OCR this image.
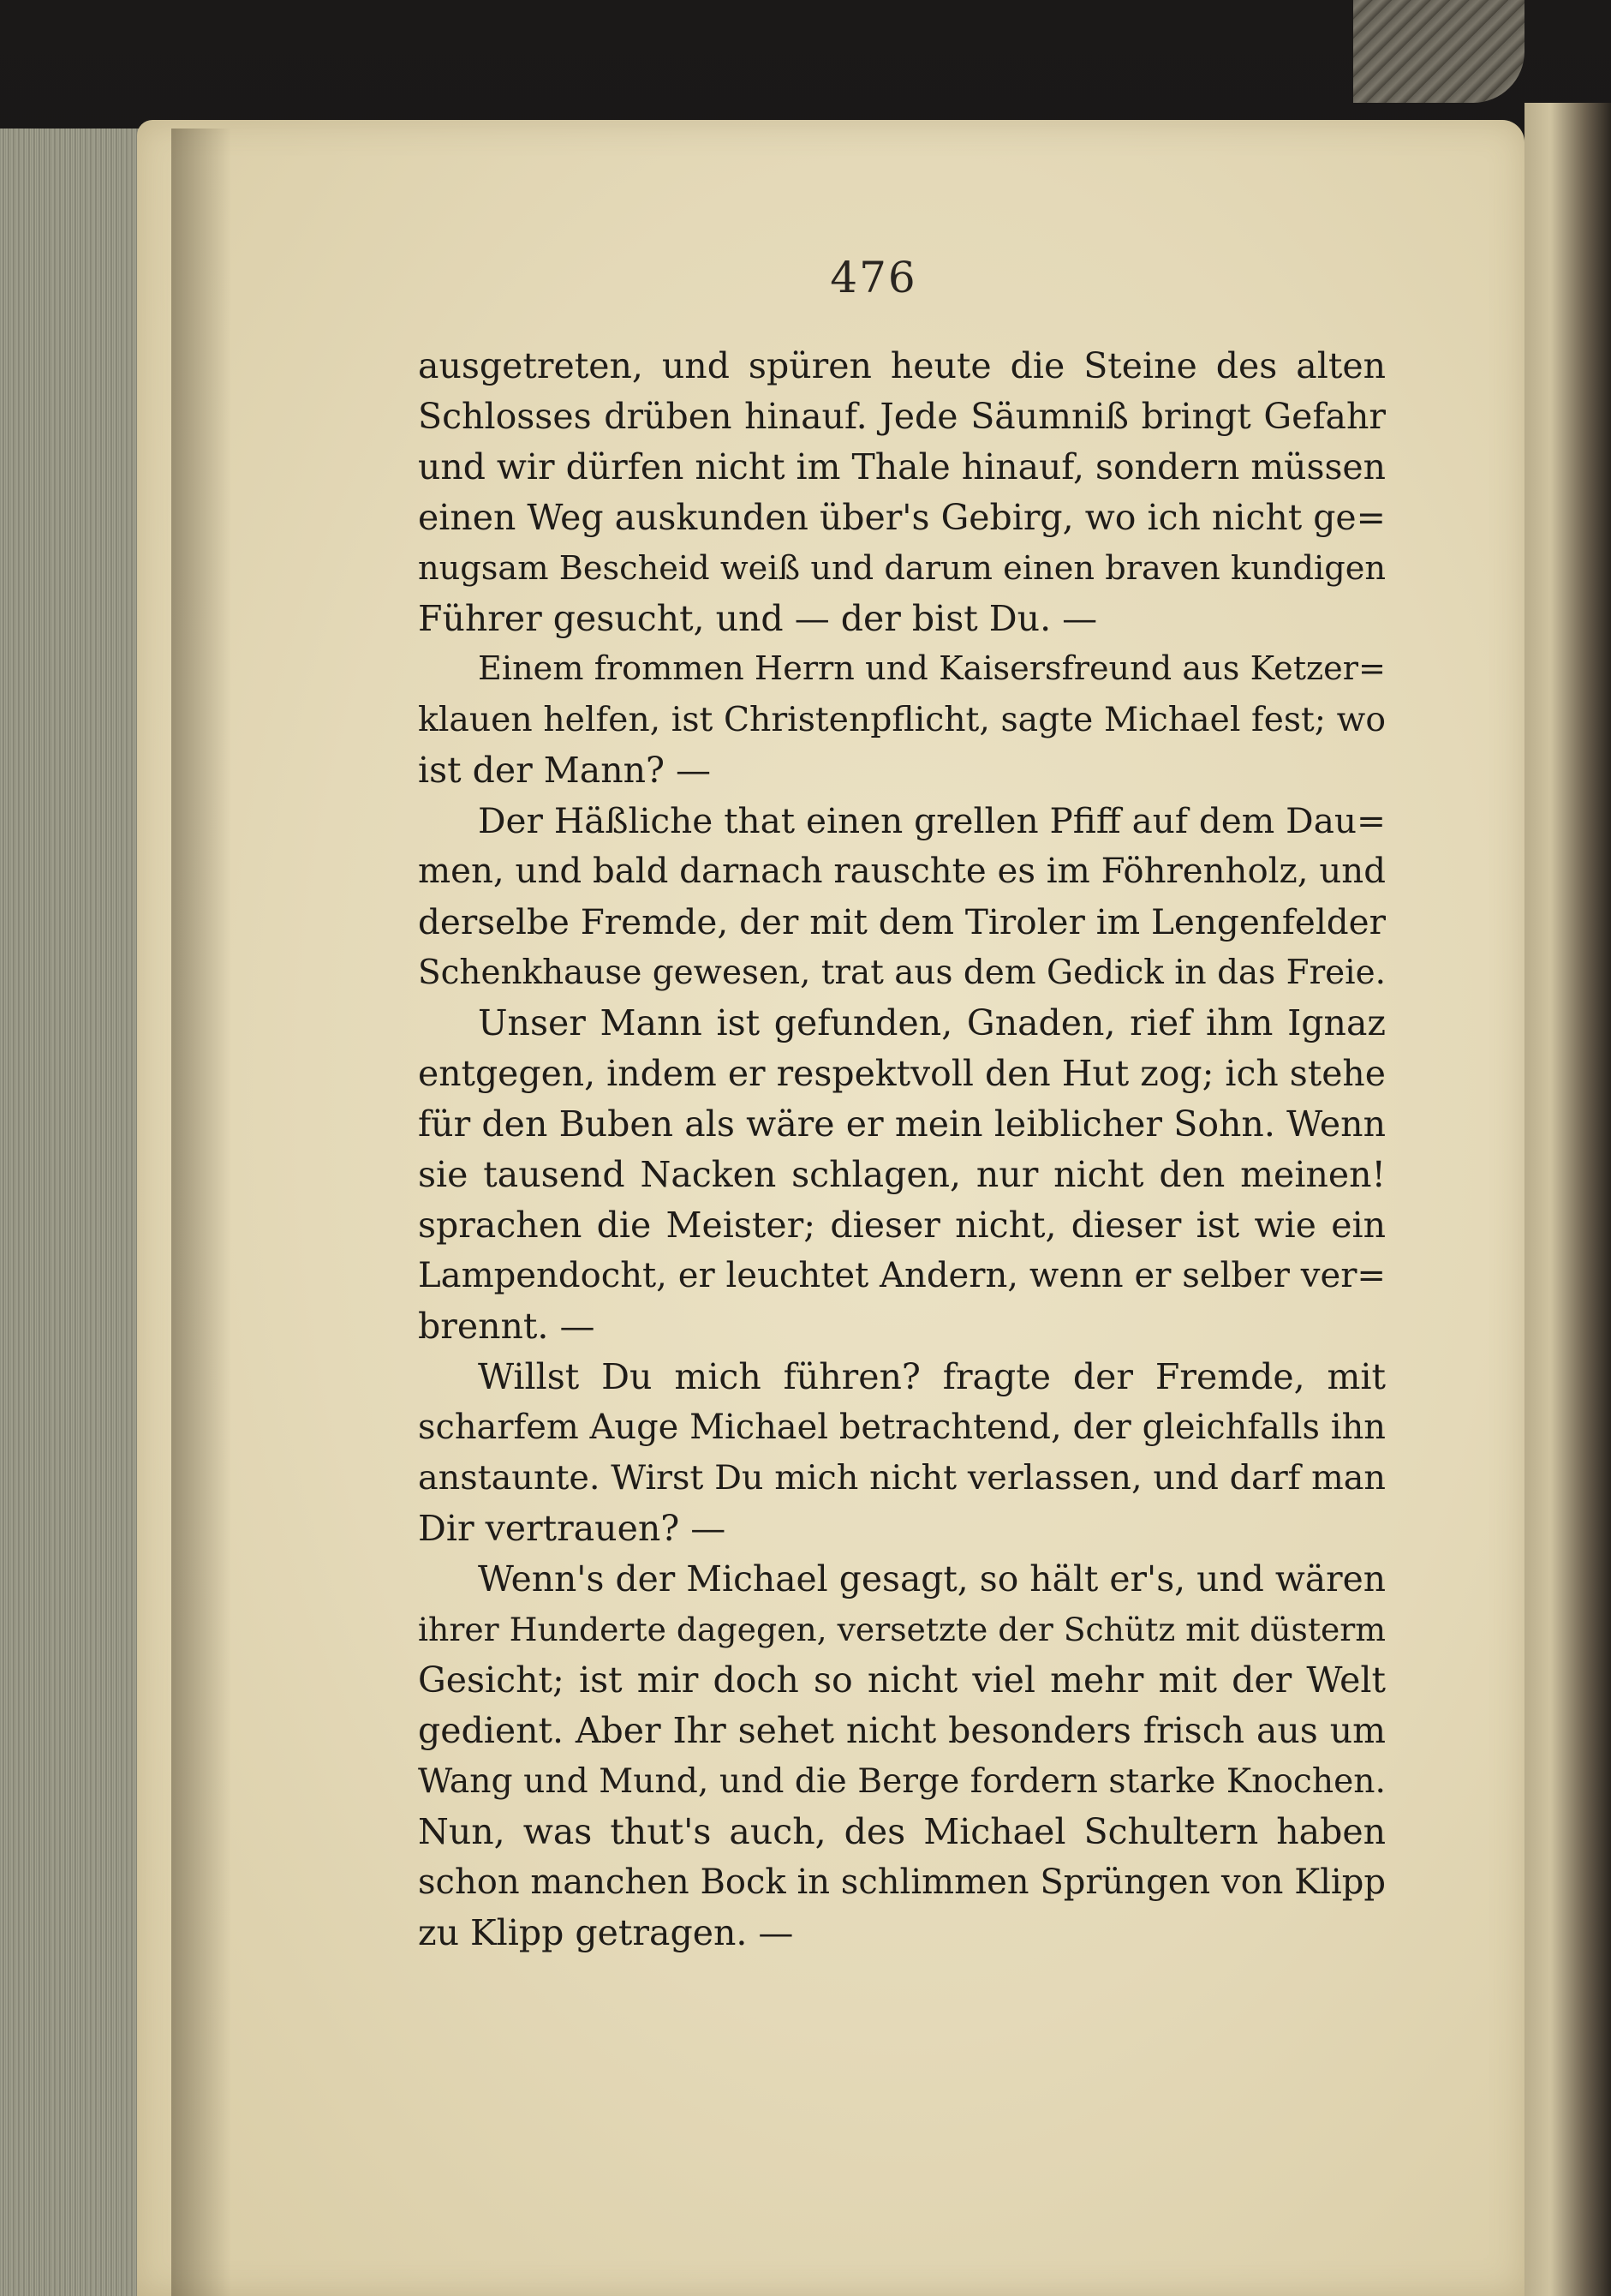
476
ausgetreten, und spüren heute die Steine des alten
Schlosses drüben hinauf. Jede Säumniß bringt Gefahr
und wir dürfen nicht im Thale hinauf, sondern müssen
einen Weg auskunden über's Gebirg, wo ich nicht ge=
nugsam Bescheid weiß und darum einen braven kundigen
Führer gesucht, und — der bist Du. —
Einem frommen Herrn und Kaisersfreund aus Ketzer=
klauen helfen, ist Christenpflicht, sagte Michael fest; wo
ist der Mann? —
Der Häßliche that einen grellen Pfiff auf dem Dau=
men, und bald darnach rauschte es im Föhrenholz, und
derselbe Fremde, der mit dem Tiroler im Lengenfelder
Schenkhause gewesen, trat aus dem Gedick in das Freie.
Unser Mann ist gefunden, Gnaden, rief ihm Ignaz
entgegen, indem er respektvoll den Hut zog; ich stehe
für den Buben als wäre er mein leiblicher Sohn. Wenn
sie tausend Nacken schlagen, nur nicht den meinen!
sprachen die Meister; dieser nicht, dieser ist wie ein
Lampendocht, er leuchtet Andern, wenn er selber ver=
brennt. —
Willst Du mich führen? fragte der Fremde, mit
scharfem Auge Michael betrachtend, der gleichfalls ihn
anstaunte. Wirst Du mich nicht verlassen, und darf man
Dir vertrauen? —
Wenn's der Michael gesagt, so hält er's, und wären
ihrer Hunderte dagegen, versetzte der Schütz mit düsterm
Gesicht; ist mir doch so nicht viel mehr mit der Welt
gedient. Aber Ihr sehet nicht besonders frisch aus um
Wang und Mund, und die Berge fordern starke Knochen.
Nun, was thut's auch, des Michael Schultern haben
schon manchen Bock in schlimmen Sprüngen von Klipp
zu Klipp getragen. —
